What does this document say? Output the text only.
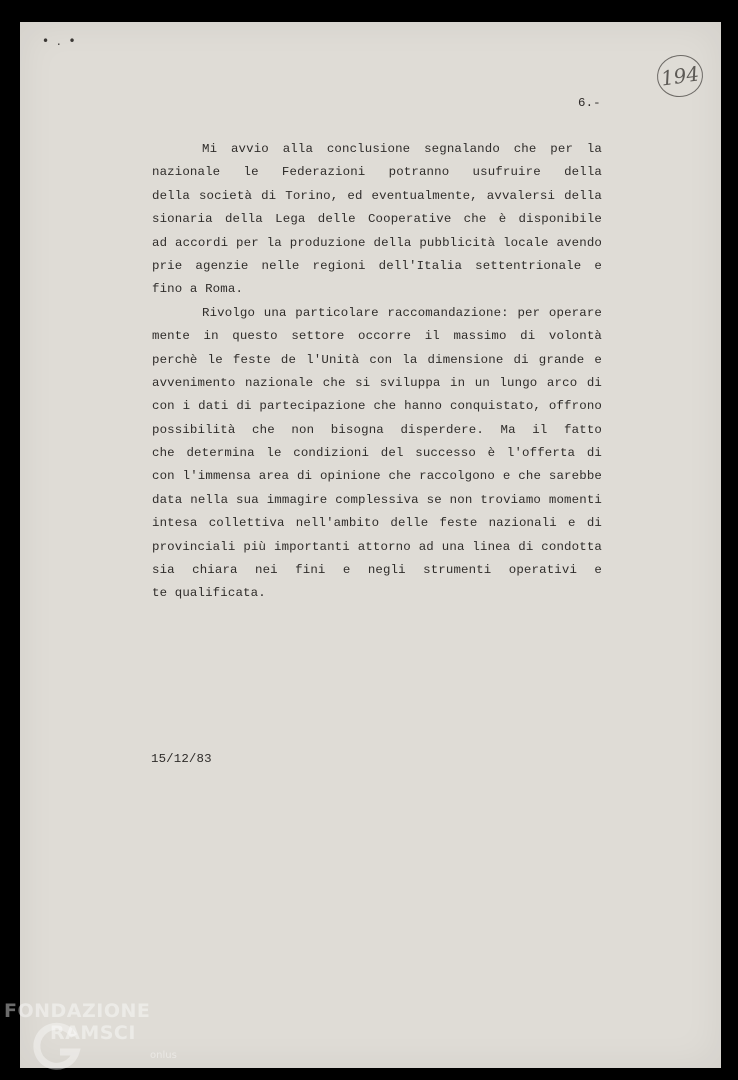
• . •
194
6.-
Mi avvio alla conclusione segnalando che per la
nazionale le Federazioni potranno usufruire della
della società di Torino, ed eventualmente, avvalersi della
sionaria della Lega delle Cooperative che è disponibile
ad accordi per la produzione della pubblicità locale avendo
prie agenzie nelle regioni dell'Italia settentrionale e
fino a Roma.
Rivolgo una particolare raccomandazione: per operare
mente in questo settore occorre il massimo di volontà
perchè le feste de l'Unità con la dimensione di grande e
avvenimento nazionale che si sviluppa in un lungo arco di
con i dati di partecipazione che hanno conquistato, offrono
possibilità che non bisogna disperdere. Ma il fatto
che determina le condizioni del successo è l'offerta di
con l'immensa area di opinione che raccolgono e che sarebbe
data nella sua immagire complessiva se non troviamo momenti
intesa collettiva nell'ambito delle feste nazionali e di
provinciali più importanti attorno ad una linea di condotta
sia chiara nei fini e negli strumenti operativi e
te qualificata.
15/12/83
FONDAZIONE
RAMSCI
onlus
